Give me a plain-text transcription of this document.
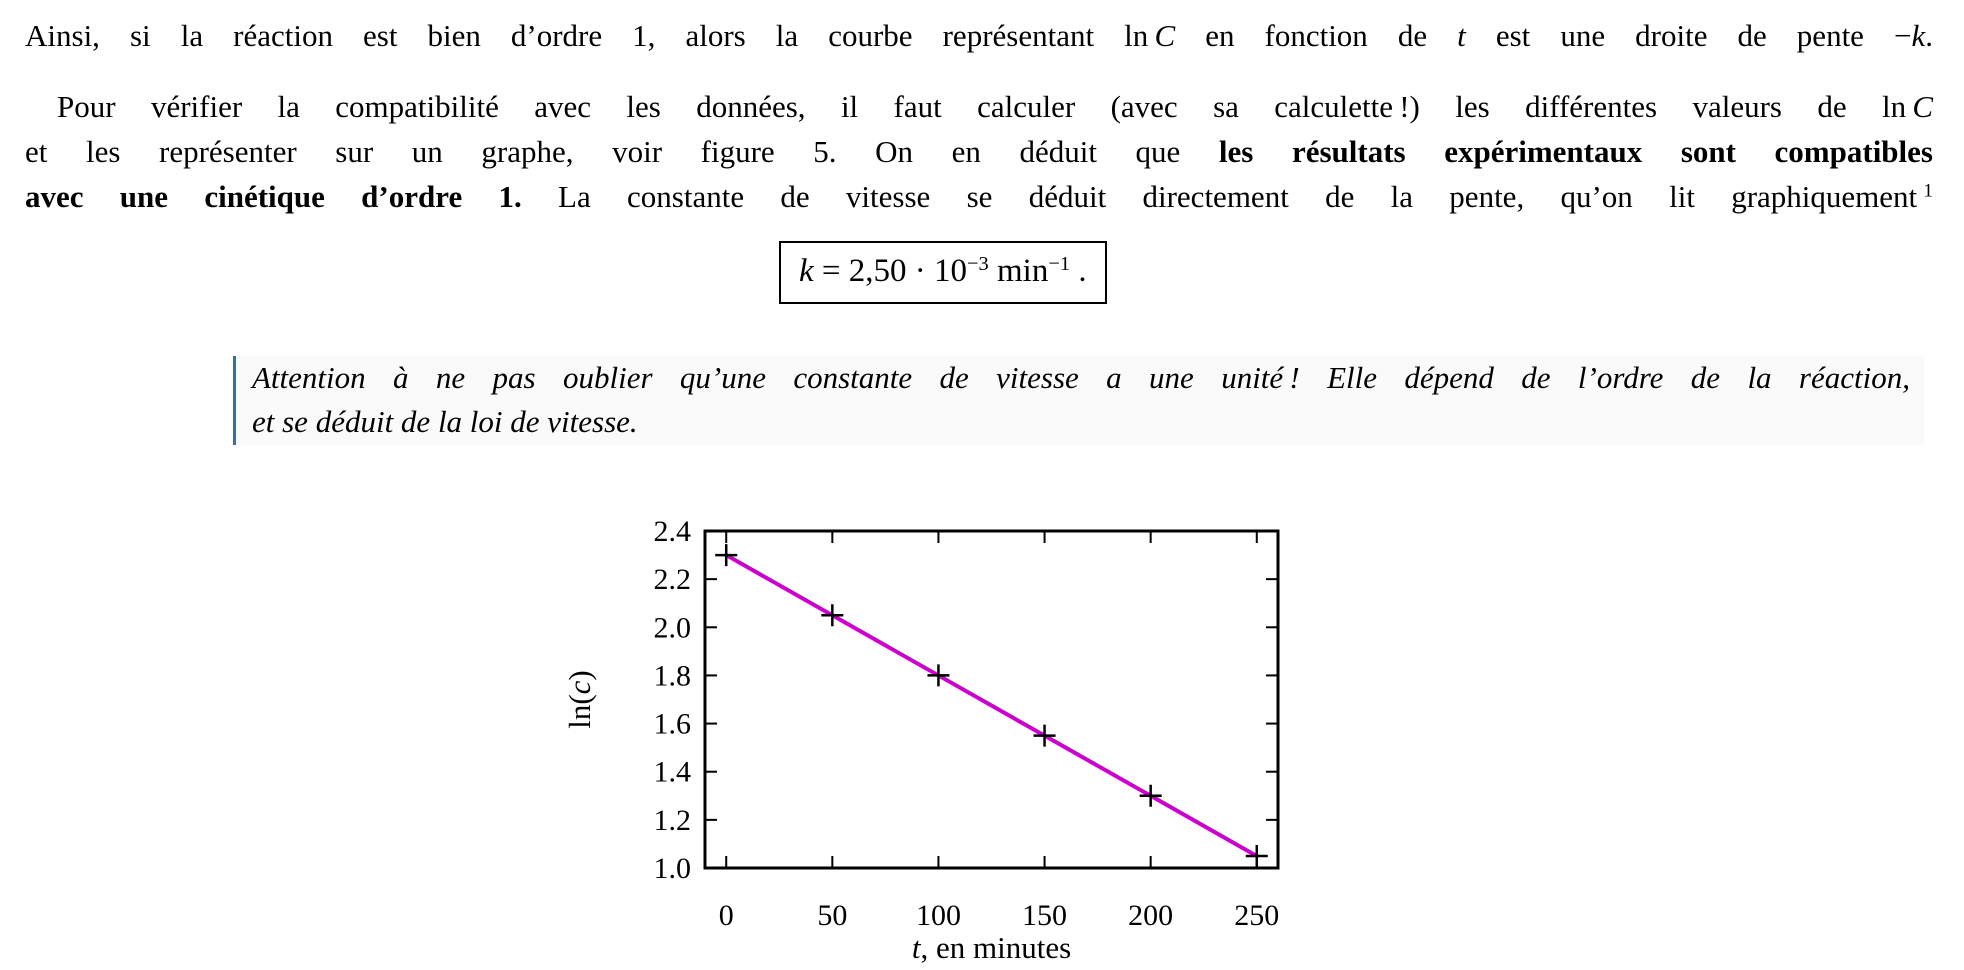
Ainsi, si la réaction est bien d’ordre 1, alors la courbe représentant ln C en fonction de t est une droite de pente −k.
Pour vérifier la compatibilité avec les données, il faut calculer (avec sa calculette !) les différentes valeurs de ln C
et les représenter sur un graphe, voir figure 5. On en déduit que les résultats expérimentaux sont compatibles
avec une cinétique d’ordre 1. La constante de vitesse se déduit directement de la pente, qu’on lit graphiquement $^1$
$k = 2,50 \cdot 10^{-3}$ $\min^{-1}$ .
Attention à ne pas oublier qu’une constante de vitesse a une unité ! Elle dépend de l’ordre de la réaction,
et se déduit de la loi de vitesse.
0	50 100 150 200 250
1.0
1.2
1.4
1.6
1.8
2.0
2.2
2.4
t, en minutes
ln(c)
